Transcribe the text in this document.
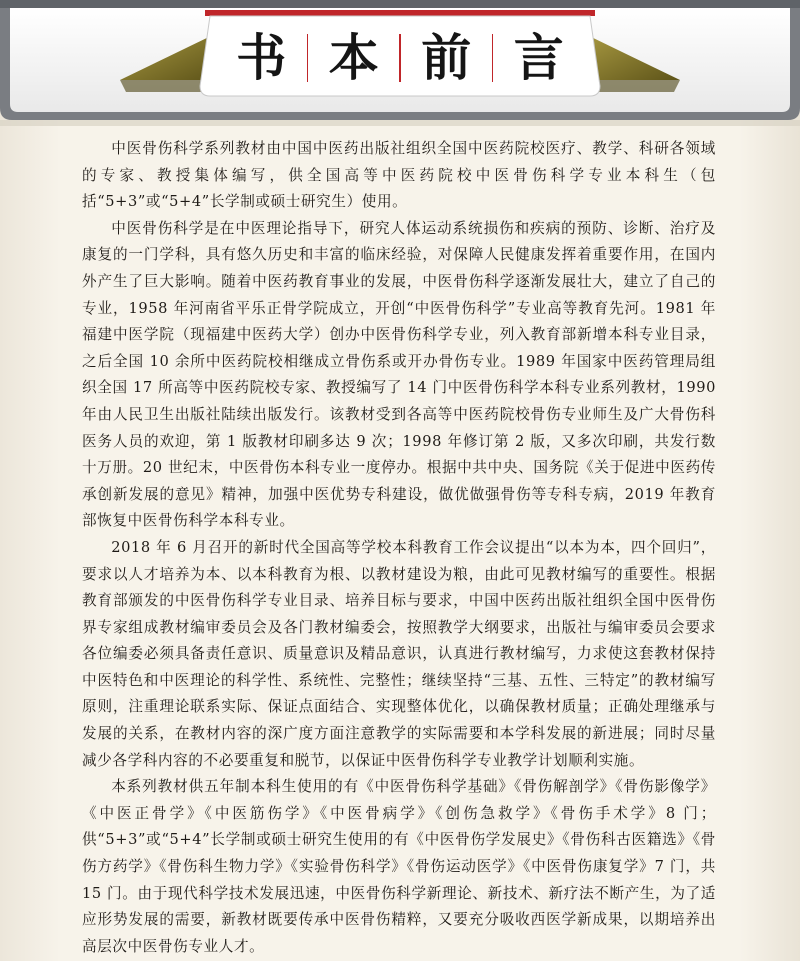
书 本 前 言

中医骨伤科学系列教材由中国中医药出版社组织全国中医药院校医疗、教学、科研各领域的专家、教授集体编写，供全国高等中医药院校中医骨伤科学专业本科生（包括“5+3”或“5+4”长学制或硕士研究生）使用。

中医骨伤科学是在中医理论指导下，研究人体运动系统损伤和疾病的预防、诊断、治疗及康复的一门学科，具有悠久历史和丰富的临床经验，对保障人民健康发挥着重要作用，在国内外产生了巨大影响。随着中医药教育事业的发展，中医骨伤科学逐渐发展壮大，建立了自己的专业，1958 年河南省平乐正骨学院成立，开创“中医骨伤科学”专业高等教育先河。1981 年福建中医学院（现福建中医药大学）创办中医骨伤科学专业，列入教育部新增本科专业目录，之后全国 10 余所中医药院校相继成立骨伤系或开办骨伤专业。1989 年国家中医药管理局组织全国 17 所高等中医药院校专家、教授编写了 14 门中医骨伤科学本科专业系列教材，1990 年由人民卫生出版社陆续出版发行。该教材受到各高等中医药院校骨伤专业师生及广大骨伤科医务人员的欢迎，第 1 版教材印刷多达 9 次；1998 年修订第 2 版，又多次印刷，共发行数十万册。20 世纪末，中医骨伤本科专业一度停办。根据中共中央、国务院《关于促进中医药传承创新发展的意见》精神，加强中医优势专科建设，做优做强骨伤等专科专病，2019 年教育部恢复中医骨伤科学本科专业。

2018 年 6 月召开的新时代全国高等学校本科教育工作会议提出“以本为本，四个回归”，要求以人才培养为本、以本科教育为根、以教材建设为粮，由此可见教材编写的重要性。根据教育部颁发的中医骨伤科学专业目录、培养目标与要求，中国中医药出版社组织全国中医骨伤界专家组成教材编审委员会及各门教材编委会，按照教学大纲要求，出版社与编审委员会要求各位编委必须具备责任意识、质量意识及精品意识，认真进行教材编写，力求使这套教材保持中医特色和中医理论的科学性、系统性、完整性；继续坚持“三基、五性、三特定”的教材编写原则，注重理论联系实际、保证点面结合、实现整体优化，以确保教材质量；正确处理继承与发展的关系，在教材内容的深广度方面注意教学的实际需要和本学科发展的新进展；同时尽量减少各学科内容的不必要重复和脱节，以保证中医骨伤科学专业教学计划顺利实施。

本系列教材供五年制本科生使用的有《中医骨伤科学基础》《骨伤解剖学》《骨伤影像学》《中医正骨学》《中医筋伤学》《中医骨病学》《创伤急救学》《骨伤手术学》8 门；供“5+3”或“5+4”长学制或硕士研究生使用的有《中医骨伤学发展史》《骨伤科古医籍选》《骨伤方药学》《骨伤科生物力学》《实验骨伤科学》《骨伤运动医学》《中医骨伤康复学》7 门，共 15 门。由于现代科学技术发展迅速，中医骨伤科学新理论、新技术、新疗法不断产生，为了适应形势发展的需要，新教材既要传承中医骨伤精粹，又要充分吸收西医学新成果，以期培养出高层次中医骨伤专业人才。
